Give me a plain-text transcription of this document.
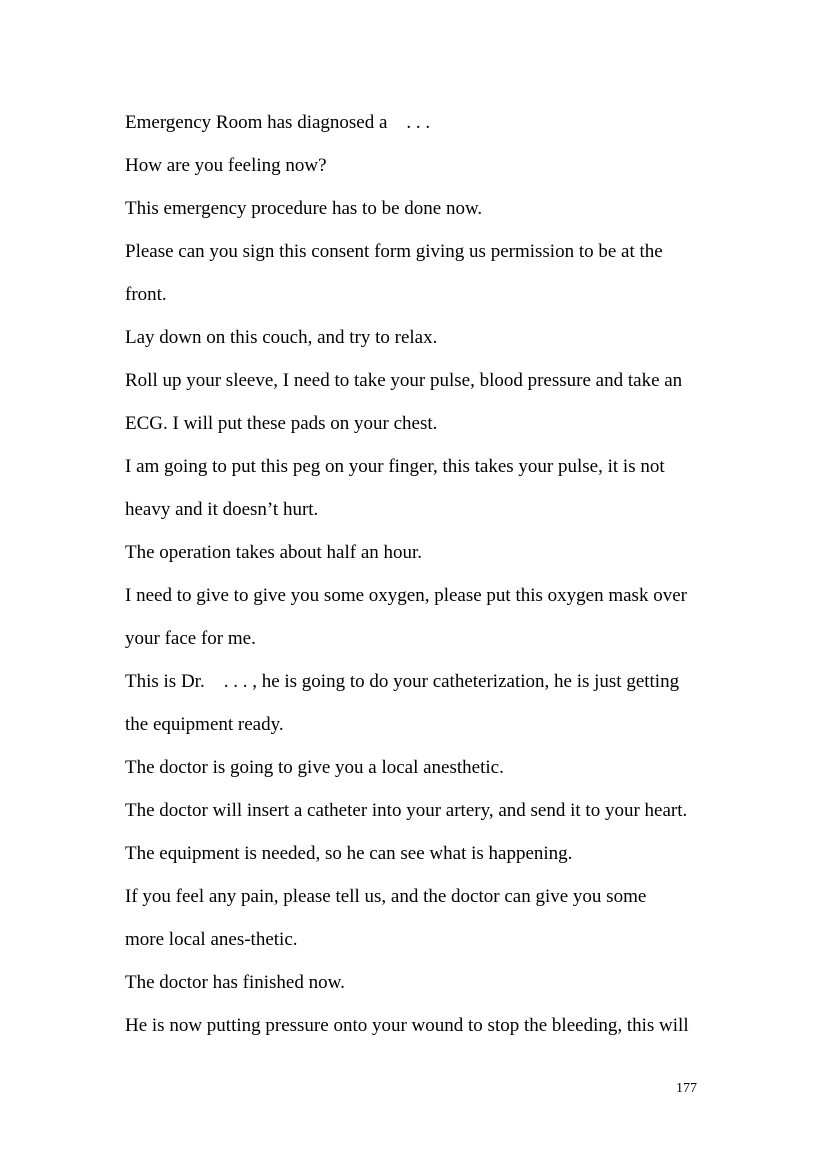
Emergency Room has diagnosed a    . . .
How are you feeling now?
This emergency procedure has to be done now.
Please can you sign this consent form giving us permission to be at the
front.
Lay down on this couch, and try to relax.
Roll up your sleeve, I need to take your pulse, blood pressure and take an
ECG. I will put these pads on your chest.
I am going to put this peg on your finger, this takes your pulse, it is not
heavy and it doesn’t hurt.
The operation takes about half an hour.
I need to give to give you some oxygen, please put this oxygen mask over
your face for me.
This is Dr.    . . . , he is going to do your catheterization, he is just getting
the equipment ready.
The doctor is going to give you a local anesthetic.
The doctor will insert a catheter into your artery, and send it to your heart.
The equipment is needed, so he can see what is happening.
If you feel any pain, please tell us, and the doctor can give you some
more local anes-thetic.
The doctor has finished now.
He is now putting pressure onto your wound to stop the bleeding, this will
177
